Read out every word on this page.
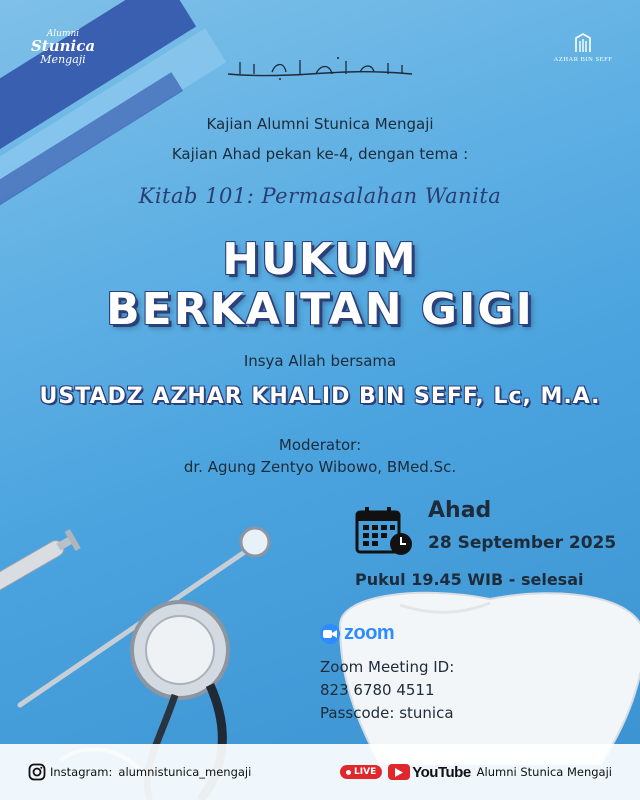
Alumni
Stunica
Mengaji	AZHAR BIN SEFF
Kajian Alumni Stunica Mengaji
Kajian Ahad pekan ke-4, dengan tema :
Kitab 101: Permasalahan Wanita
HUKUM
BERKAITAN GIGI
Insya Allah bersama
USTADZ AZHAR KHALID BIN SEFF, Lc, M.A.
Moderator:
dr. Agung Zentyo Wibowo, BMed.Sc.
Ahad
28 September 2025
Pukul 19.45 WIB - selesai
zoom
Zoom Meeting ID:
823 6780 4511
Passcode: stunica
Instagram: alumnistunica_mengaji	LIVE YouTube Alumni Stunica Mengaji
